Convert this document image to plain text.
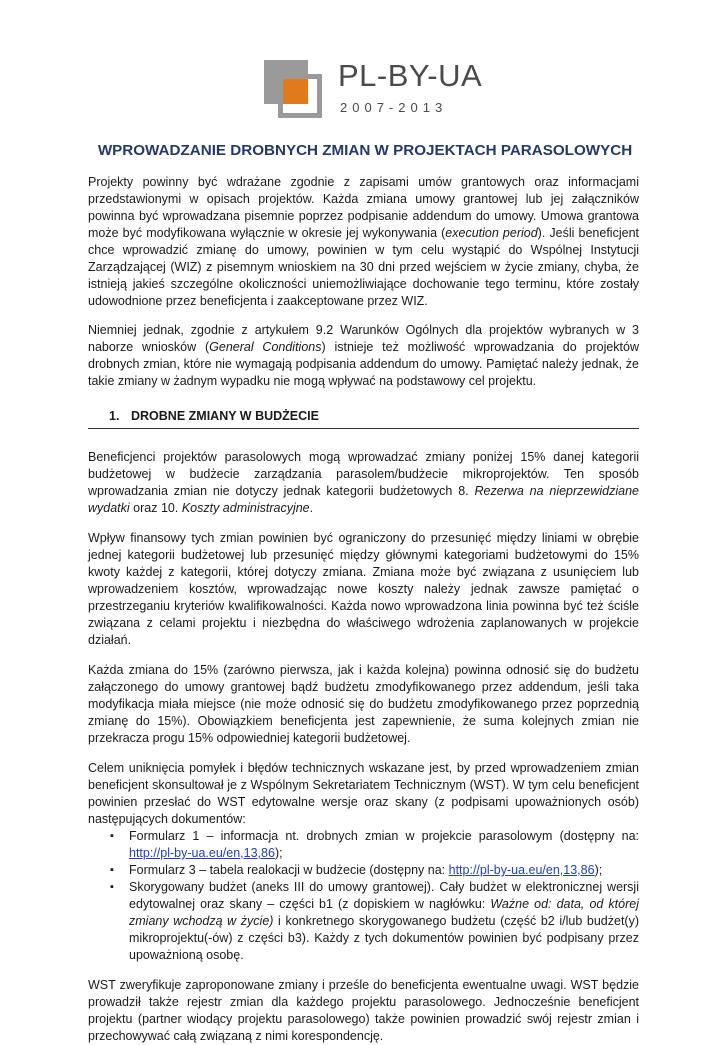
PL-BY-UA
2007-2013
WPROWADZANIE DROBNYCH ZMIAN W PROJEKTACH PARASOLOWYCH

Projekty powinny być wdrażane zgodnie z zapisami umów grantowych oraz informacjami przedstawionymi w opisach projektów. Każda zmiana umowy grantowej lub jej załączników powinna być wprowadzana pisemnie poprzez podpisanie addendum do umowy. Umowa grantowa może być modyfikowana wyłącznie w okresie jej wykonywania (execution period). Jeśli beneficjent chce wprowadzić zmianę do umowy, powinien w tym celu wystąpić do Wspólnej Instytucji Zarządzającej (WIZ) z pisemnym wnioskiem na 30 dni przed wejściem w życie zmiany, chyba, że istnieją jakieś szczególne okoliczności uniemożliwiające dochowanie tego terminu, które zostały udowodnione przez beneficjenta i zaakceptowane przez WIZ.

Niemniej jednak, zgodnie z artykułem 9.2 Warunków Ogólnych dla projektów wybranych w 3 naborze wniosków (General Conditions) istnieje też możliwość wprowadzania do projektów drobnych zmian, które nie wymagają podpisania addendum do umowy. Pamiętać należy jednak, że takie zmiany w żadnym wypadku nie mogą wpływać na podstawowy cel projektu.

1. DROBNE ZMIANY W BUDŻECIE

Beneficjenci projektów parasolowych mogą wprowadzać zmiany poniżej 15% danej kategorii budżetowej w budżecie zarządzania parasolem/budżecie mikroprojektów. Ten sposób wprowadzania zmian nie dotyczy jednak kategorii budżetowych 8. Rezerwa na nieprzewidziane wydatki oraz 10. Koszty administracyjne.

Wpływ finansowy tych zmian powinien być ograniczony do przesunięć między liniami w obrębie jednej kategorii budżetowej lub przesunięć między głównymi kategoriami budżetowymi do 15% kwoty każdej z kategorii, której dotyczy zmiana. Zmiana może być związana z usunięciem lub wprowadzeniem kosztów, wprowadzając nowe koszty należy jednak zawsze pamiętać o przestrzeganiu kryteriów kwalifikowalności. Każda nowo wprowadzona linia powinna być też ściśle związana z celami projektu i niezbędna do właściwego wdrożenia zaplanowanych w projekcie działań.

Każda zmiana do 15% (zarówno pierwsza, jak i każda kolejna) powinna odnosić się do budżetu załączonego do umowy grantowej bądź budżetu zmodyfikowanego przez addendum, jeśli taka modyfikacja miała miejsce (nie może odnosić się do budżetu zmodyfikowanego przez poprzednią zmianę do 15%). Obowiązkiem beneficjenta jest zapewnienie, że suma kolejnych zmian nie przekracza progu 15% odpowiedniej kategorii budżetowej.

Celem uniknięcia pomyłek i błędów technicznych wskazane jest, by przed wprowadzeniem zmian beneficjent skonsultował je z Wspólnym Sekretariatem Technicznym (WST). W tym celu beneficjent powinien przesłać do WST edytowalne wersje oraz skany (z podpisami upoważnionych osób) następujących dokumentów:

▪ Formularz 1 – informacja nt. drobnych zmian w projekcie parasolowym (dostępny na: http://pl-by-ua.eu/en,13,86);
▪ Formularz 3 – tabela realokacji w budżecie (dostępny na: http://pl-by-ua.eu/en,13,86);
▪ Skorygowany budżet (aneks III do umowy grantowej). Cały budżet w elektronicznej wersji edytowalnej oraz skany – części b1 (z dopiskiem w nagłówku: Ważne od: data, od której zmiany wchodzą w życie) i konkretnego skorygowanego budżetu (część b2 i/lub budżet(y) mikroprojektu(-ów) z części b3). Każdy z tych dokumentów powinien być podpisany przez upoważnioną osobę.

WST zweryfikuje zaproponowane zmiany i prześle do beneficjenta ewentualne uwagi. WST będzie prowadził także rejestr zmian dla każdego projektu parasolowego. Jednocześnie beneficjent projektu (partner wiodący projektu parasolowego) także powinien prowadzić swój rejestr zmian i przechowywać całą związaną z nimi korespondencję.
